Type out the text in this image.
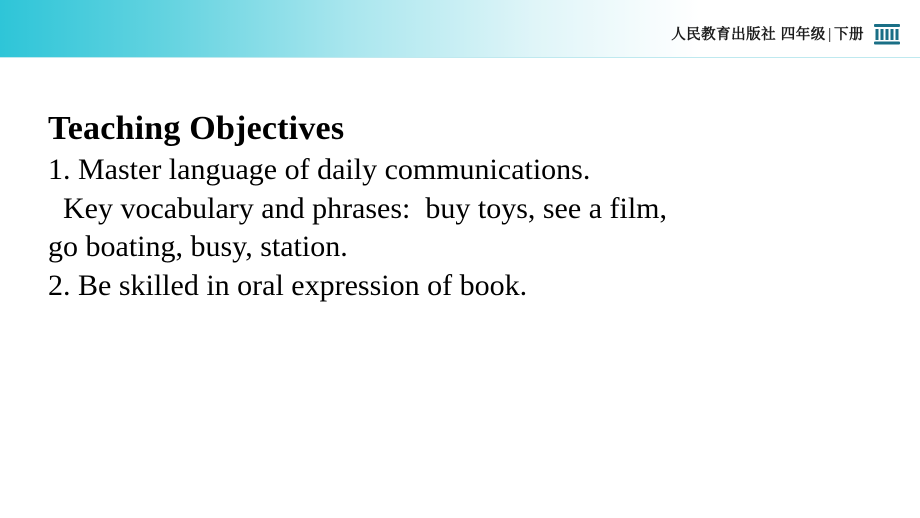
人民教育出版社 四年级 | 下册

Teaching Objectives

1. Master language of daily communications.

Key vocabulary and phrases:  buy toys, see a film,

go boating, busy, station.

2. Be skilled in oral expression of book.
